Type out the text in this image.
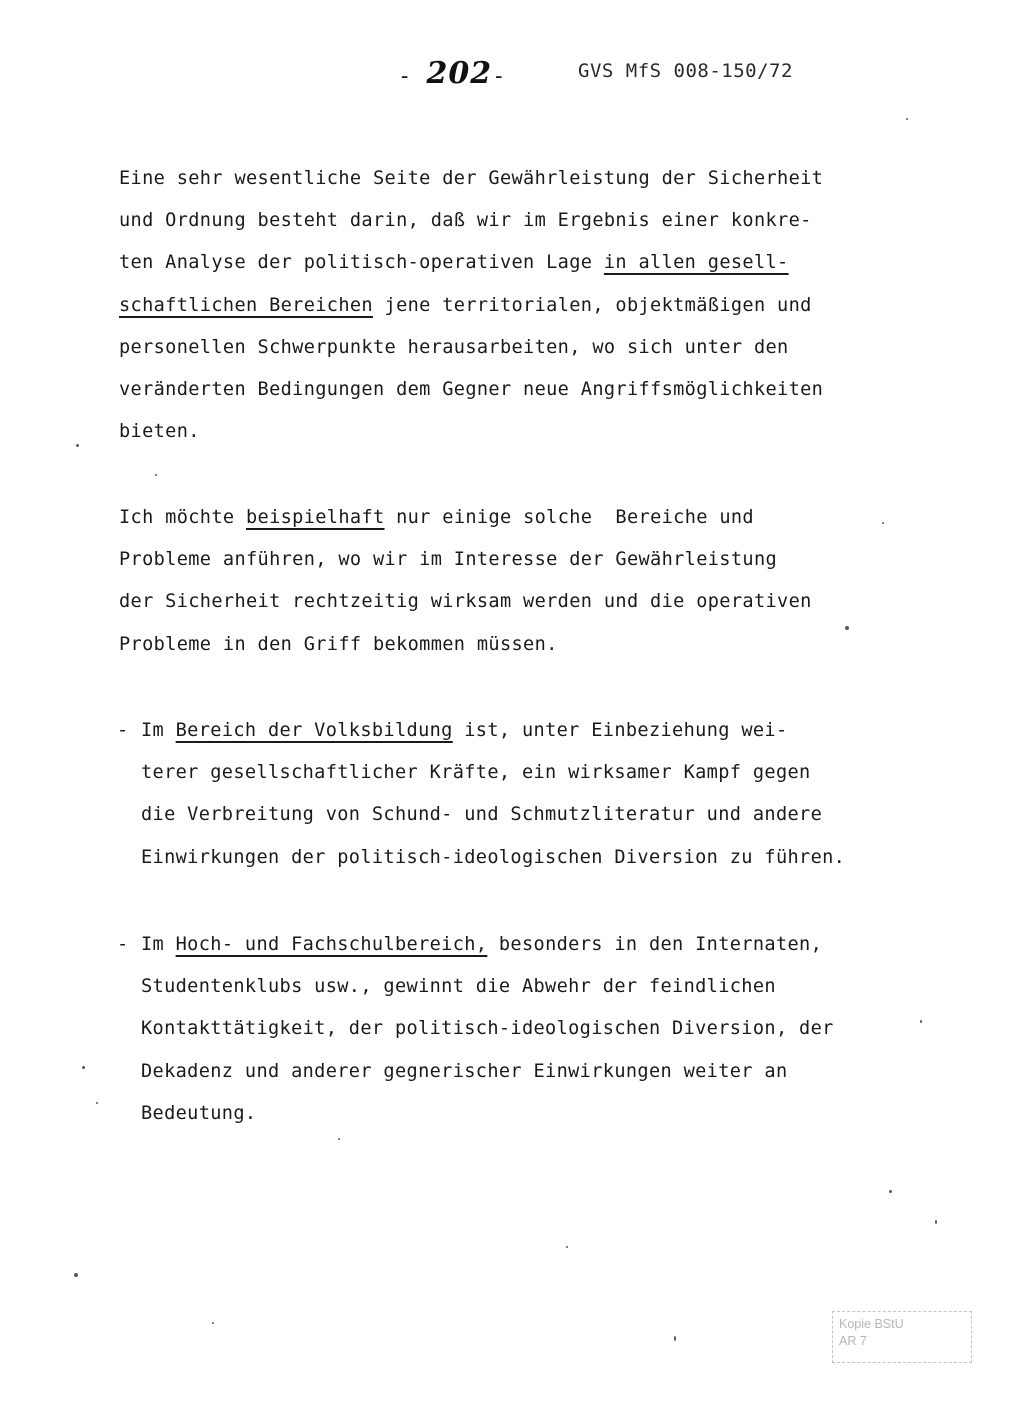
- 202-	GVS MfS 008-150/72
Eine sehr wesentliche Seite der Gewährleistung der Sicherheit
und Ordnung besteht darin, daß wir im Ergebnis einer konkre-
ten Analyse der politisch-operativen Lage in allen gesell-
schaftlichen Bereichen jene territorialen, objektmäßigen und
personellen Schwerpunkte herausarbeiten, wo sich unter den
veränderten Bedingungen dem Gegner neue Angriffsmöglichkeiten
bieten.
Ich möchte beispielhaft nur einige solche  Bereiche und
Probleme anführen, wo wir im Interesse der Gewährleistung
der Sicherheit rechtzeitig wirksam werden und die operativen
Probleme in den Griff bekommen müssen.
- Im Bereich der Volksbildung ist, unter Einbeziehung wei-
terer gesellschaftlicher Kräfte, ein wirksamer Kampf gegen
die Verbreitung von Schund- und Schmutzliteratur und andere
Einwirkungen der politisch-ideologischen Diversion zu führen.
- Im Hoch- und Fachschulbereich, besonders in den Internaten,
Studentenklubs usw., gewinnt die Abwehr der feindlichen
Kontakttätigkeit, der politisch-ideologischen Diversion, der
Dekadenz und anderer gegnerischer Einwirkungen weiter an
Bedeutung.
Kopie BStU
AR 7
